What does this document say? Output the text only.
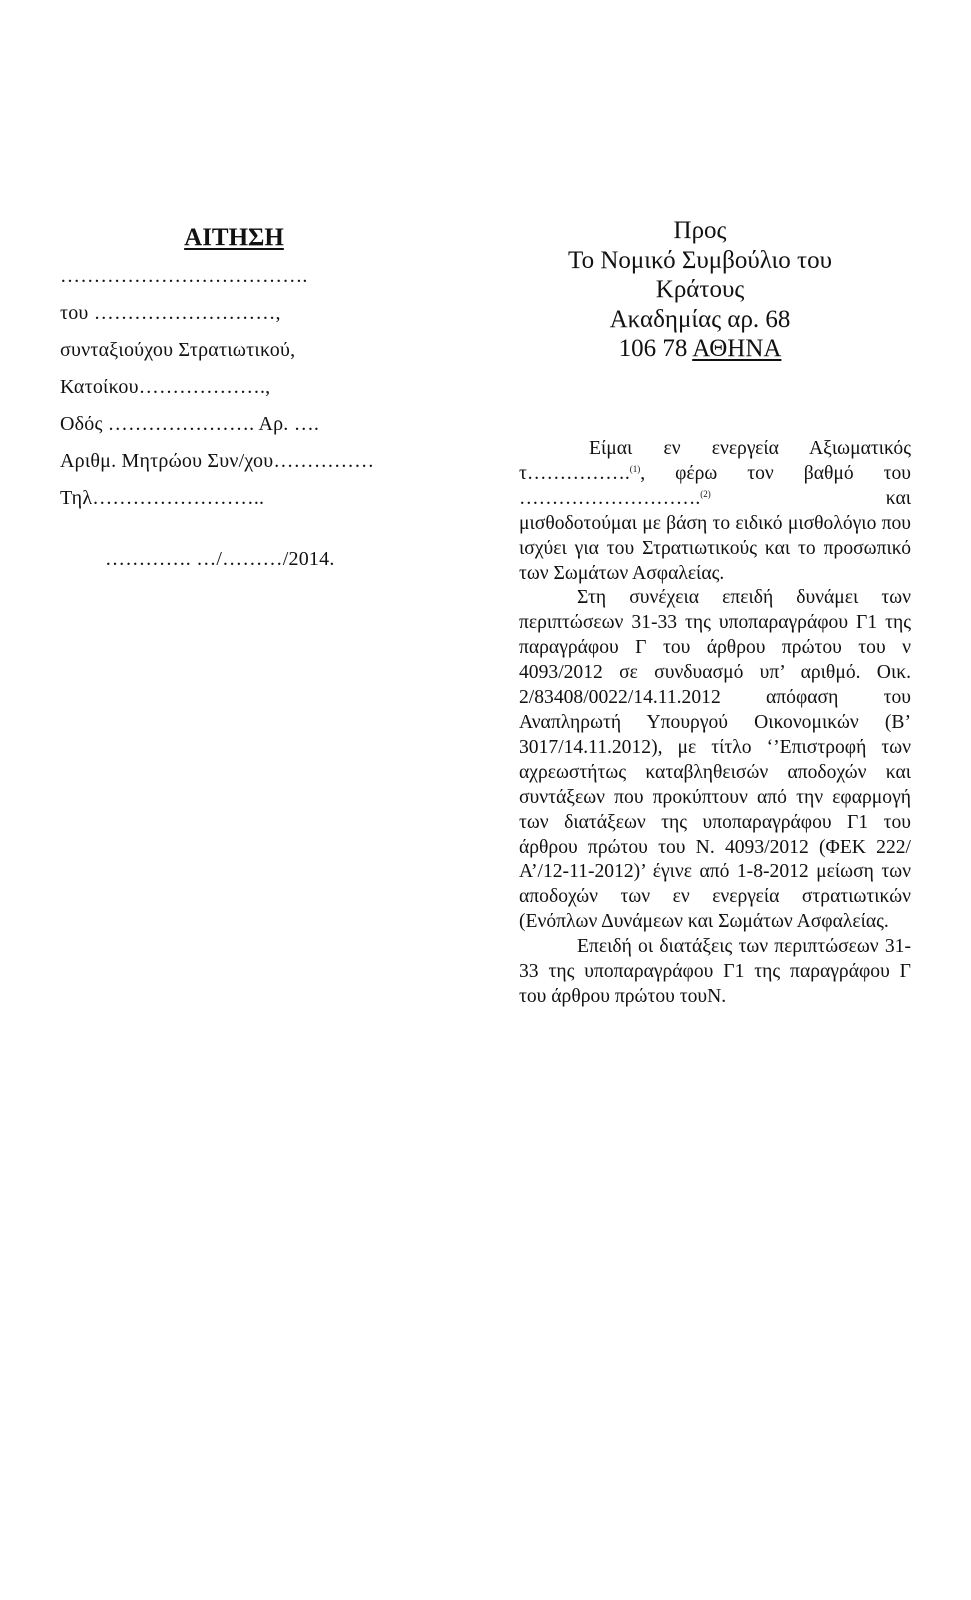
ΑΙΤΗΣΗ
……………………………….
του ………………………,
συνταξιούχου Στρατιωτικού,
Κατοίκου……………….,
Οδός …………………. Αρ. ….
Αριθμ. Μητρώου Συν/χου……………
Τηλ……………………..
…………. …/………/2014.
Προς
Το Νομικό Συμβούλιο του
Κράτους
Ακαδημίας αρ. 68
106 78 ΑΘΗΝΑ

Είμαι εν ενεργεία Αξιωματικός
τ…………….$^{(1)}$, φέρω τον βαθμό του
……………………….$^{(2)}$	και
μισθοδοτούμαι με βάση το ειδικό μισθολόγιο που ισχύει για του Στρατιωτικούς και το προσωπικό των Σωμάτων Ασφαλείας.

Στη συνέχεια επειδή δυνάμει των περιπτώσεων 31-33 της υποπαραγράφου Γ1 της παραγράφου Γ του άρθρου πρώτου του ν 4093/2012 σε συνδυασμό υπ’ αριθμό. Οικ. 2/83408/0022/14.11.2012 απόφαση του Αναπληρωτή Υπουργού Οικονομικών (Β’ 3017/14.11.2012), με τίτλο ‘’Επιστροφή των αχρεωστήτως καταβληθεισών αποδοχών και συντάξεων που προκύπτουν από την εφαρμογή των διατάξεων της υποπαραγράφου Γ1 του άρθρου πρώτου του Ν. 4093/2012 (ΦΕΚ 222/Α’/12-11-2012)’ έγινε από 1-8-2012 μείωση των αποδοχών των εν ενεργεία στρατιωτικών (Ενόπλων Δυνάμεων και Σωμάτων Ασφαλείας.

Επειδή οι διατάξεις των περιπτώσεων 31-33 της υποπαραγράφου Γ1 της παραγράφου Γ του άρθρου πρώτου τουΝ.
